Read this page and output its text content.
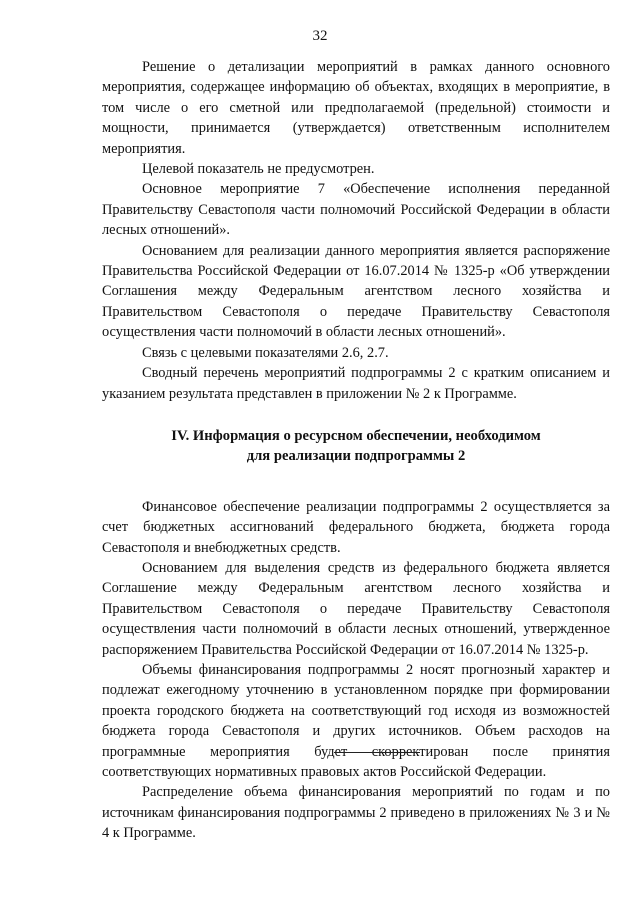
32

Решение о детализации мероприятий в рамках данного основного мероприятия, содержащее информацию об объектах, входящих в мероприятие, в том числе о его сметной или предполагаемой (предельной) стоимости и мощности, принимается (утверждается) ответственным исполнителем мероприятия.

Целевой показатель не предусмотрен.

Основное мероприятие 7 «Обеспечение исполнения переданной Правительству Севастополя части полномочий Российской Федерации в области лесных отношений».

Основанием для реализации данного мероприятия является распоряжение Правительства Российской Федерации от 16.07.2014 № 1325-р «Об утверждении Соглашения между Федеральным агентством лесного хозяйства и Правительством Севастополя о передаче Правительству Севастополя осуществления части полномочий в области лесных отношений».

Связь с целевыми показателями 2.6, 2.7.

Сводный перечень мероприятий подпрограммы 2 с кратким описанием и указанием результата представлен в приложении № 2 к Программе.

IV. Информация о ресурсном обеспечении, необходимом
для реализации подпрограммы 2

Финансовое обеспечение реализации подпрограммы 2 осуществляется за счет бюджетных ассигнований федерального бюджета, бюджета города Севастополя и внебюджетных средств.

Основанием для выделения средств из федерального бюджета является Соглашение между Федеральным агентством лесного хозяйства и Правительством Севастополя о передаче Правительству Севастополя осуществления части полномочий в области лесных отношений, утвержденное распоряжением Правительства Российской Федерации от 16.07.2014 № 1325-р.

Объемы финансирования подпрограммы 2 носят прогнозный характер и подлежат ежегодному уточнению в установленном порядке при формировании проекта городского бюджета на соответствующий год исходя из возможностей бюджета города Севастополя и других источников. Объем расходов на программные мероприятия будет скорректирован после принятия соответствующих нормативных правовых актов Российской Федерации.

Распределение объема финансирования мероприятий по годам и по источникам финансирования подпрограммы 2 приведено в приложениях № 3 и № 4 к Программе.
